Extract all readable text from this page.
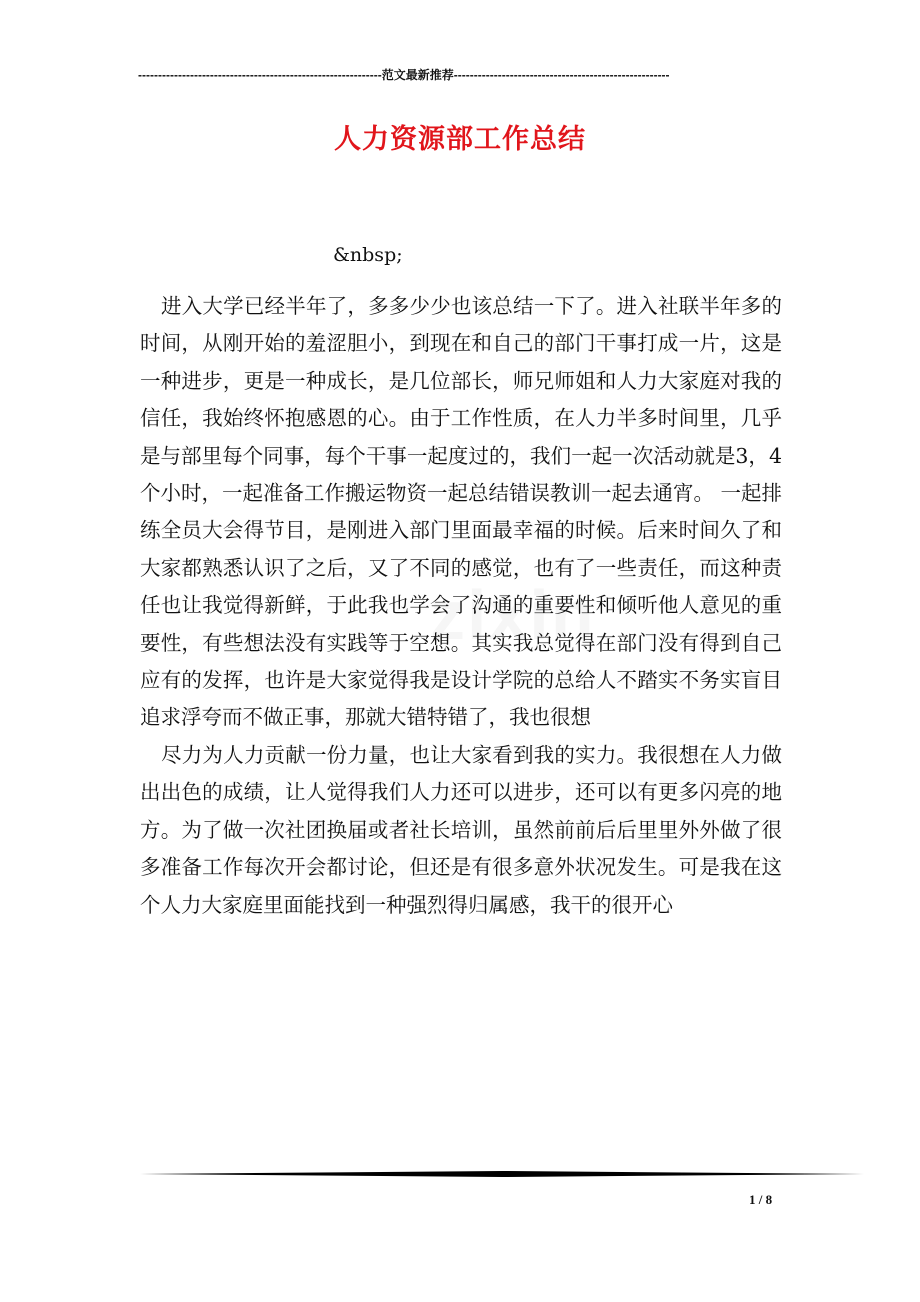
-------------------------------------------------------------范文最新推荐------------------------------------------------------
人力资源部工作总结
&nbsp;

进入大学已经半年了，多多少少也该总结一下了。进入社联半年多的时间，从刚开始的羞涩胆小，到现在和自己的部门干事打成一片，这是一种进步，更是一种成长，是几位部长，师兄师姐和人力大家庭对我的信任，我始终怀抱感恩的心。由于工作性质，在人力半多时间里，几乎是与部里每个同事，每个干事一起度过的，我们一起一次活动就是3，4个小时，一起准备工作搬运物资一起总结错误教训一起去通宵。 一起排练全员大会得节目，是刚进入部门里面最幸福的时候。后来时间久了和大家都熟悉认识了之后，又了不同的感觉，也有了一些责任，而这种责任也让我觉得新鲜，于此我也学会了沟通的重要性和倾听他人意见的重要性，有些想法没有实践等于空想。其实我总觉得在部门没有得到自己应有的发挥，也许是大家觉得我是设计学院的总给人不踏实不务实盲目追求浮夸而不做正事，那就大错特错了，我也很想

尽力为人力贡献一份力量，也让大家看到我的实力。我很想在人力做出出色的成绩，让人觉得我们人力还可以进步，还可以有更多闪亮的地方。为了做一次社团换届或者社长培训，虽然前前后后里里外外做了很多准备工作每次开会都讨论，但还是有很多意外状况发生。可是我在这个人力大家庭里面能找到一种强烈得归属感，我干的很开心

1 / 8
